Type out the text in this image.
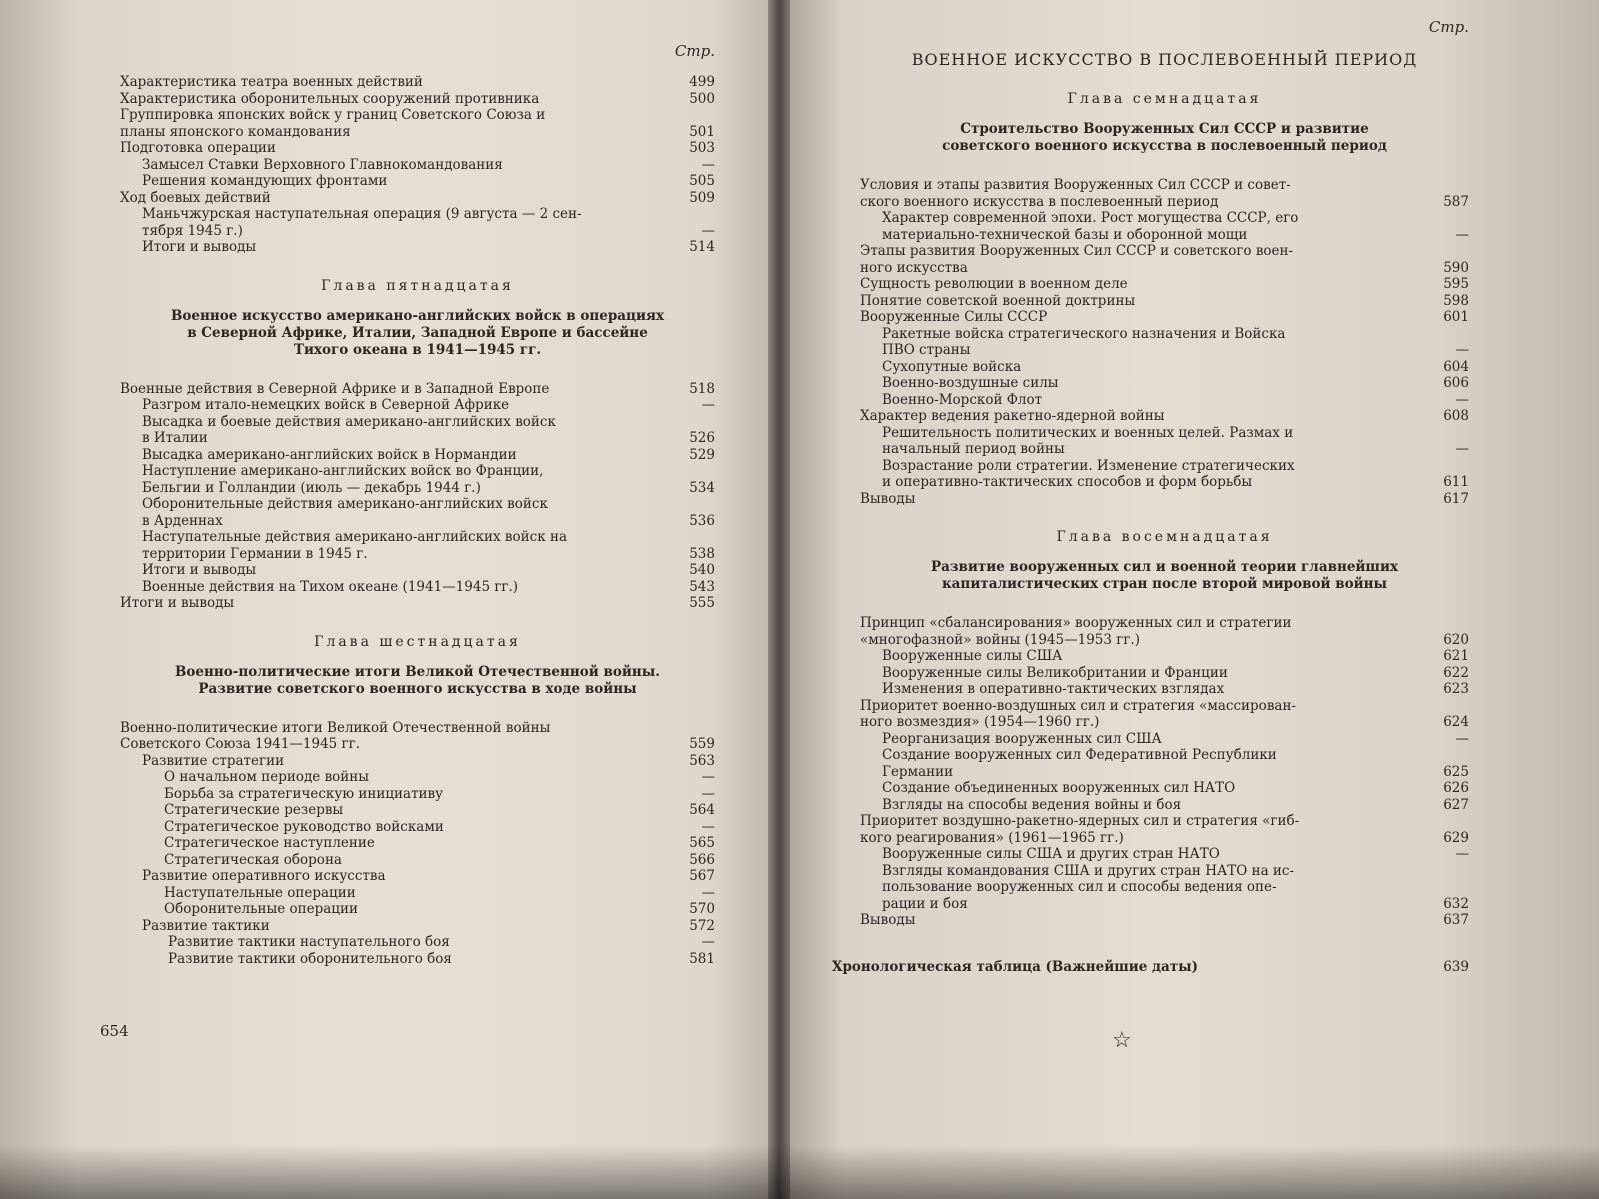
Стр.
Характеристика театра военных действий	499
Характеристика оборонительных сооружений противника	500
Группировка японских войск у границ Советского Союза и
планы японского командования	501
Подготовка операции	503
Замысел Ставки Верховного Главнокомандования	—
Решения командующих фронтами	505
Ход боевых действий	509
Маньчжурская наступательная операция (9 августа — 2 сен-
тября 1945 г.)	—
Итоги и выводы	514
Глава пятнадцатая
Военное искусство американо-английских войск в операциях
в Северной Африке, Италии, Западной Европе и бассейне
Тихого океана в 1941—1945 гг.
Военные действия в Северной Африке и в Западной Европе	518
Разгром итало-немецких войск в Северной Африке	—
Высадка и боевые действия американо-английских войск
в Италии	526
Высадка американо-английских войск в Нормандии	529
Наступление американо-английских войск во Франции,
Бельгии и Голландии (июль — декабрь 1944 г.)	534
Оборонительные действия американо-английских войск
в Арденнах	536
Наступательные действия американо-английских войск на
территории Германии в 1945 г.	538
Итоги и выводы	540
Военные действия на Тихом океане (1941—1945 гг.)	543
Итоги и выводы	555
Глава шестнадцатая
Военно-политические итоги Великой Отечественной войны.
Развитие советского военного искусства в ходе войны
Военно-политические итоги Великой Отечественной войны
Советского Союза 1941—1945 гг.	559
Развитие стратегии	563
О начальном периоде войны	—
Борьба за стратегическую инициативу	—
Стратегические резервы	564
Стратегическое руководство войсками	—
Стратегическое наступление	565
Стратегическая оборона	566
Развитие оперативного искусства	567
Наступательные операции	—
Оборонительные операции	570
Развитие тактики	572
Развитие тактики наступательного боя	—
Развитие тактики оборонительного боя	581
654
Стр.
ВОЕННОЕ ИСКУССТВО В ПОСЛЕВОЕННЫЙ ПЕРИОД
Глава семнадцатая
Строительство Вооруженных Сил СССР и развитие
советского военного искусства в послевоенный период
Условия и этапы развития Вооруженных Сил СССР и совет-
ского военного искусства в послевоенный период	587
Характер современной эпохи. Рост могущества СССР, его
материально-технической базы и оборонной мощи	—
Этапы развития Вооруженных Сил СССР и советского воен-
ного искусства	590
Сущность революции в военном деле	595
Понятие советской военной доктрины	598
Вооруженные Силы СССР	601
Ракетные войска стратегического назначения и Войска
ПВО страны	—
Сухопутные войска	604
Военно-воздушные силы	606
Военно-Морской Флот	—
Характер ведения ракетно-ядерной войны	608
Решительность политических и военных целей. Размах и
начальный период войны	—
Возрастание роли стратегии. Изменение стратегических
и оперативно-тактических способов и форм борьбы	611
Выводы	617
Глава восемнадцатая
Развитие вооруженных сил и военной теории главнейших
капиталистических стран после второй мировой войны
Принцип «сбалансирования» вооруженных сил и стратегии
«многофазной» войны (1945—1953 гг.)	620
Вооруженные силы США	621
Вооруженные силы Великобритании и Франции	622
Изменения в оперативно-тактических взглядах	623
Приоритет военно-воздушных сил и стратегия «массирован-
ного возмездия» (1954—1960 гг.)	624
Реорганизация вооруженных сил США	—
Создание вооруженных сил Федеративной Республики
Германии	625
Создание объединенных вооруженных сил НАТО	626
Взгляды на способы ведения войны и боя	627
Приоритет воздушно-ракетно-ядерных сил и стратегия «гиб-
кого реагирования» (1961—1965 гг.)	629
Вооруженные силы США и других стран НАТО	—
Взгляды командования США и других стран НАТО на ис-
пользование вооруженных сил и способы ведения опе-
рации и боя	632
Выводы	637
Хронологическая таблица (Важнейшие даты)	639
☆
